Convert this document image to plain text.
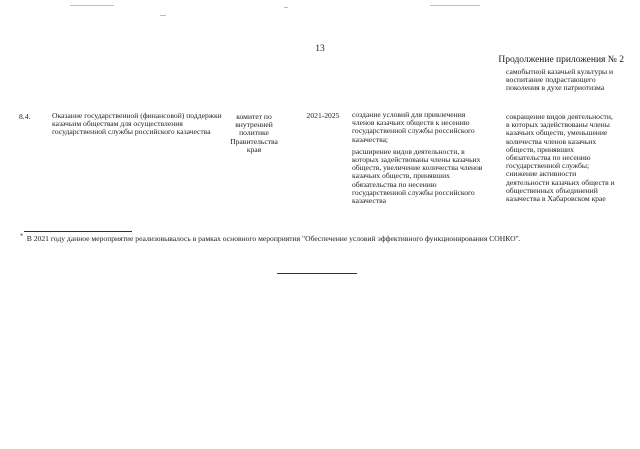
13
Продолжение приложения № 2
самобытной казачьей культуры и воспитание подрастающего поколения в духе патриотизма
8.4.	Оказание государственной (финансовой) поддержки казачьим обществам для осуществления государственной службы российского казачества
комитет по внутренней политике Правительства края
2021-2025	создание условий для привлечения членов казачьих обществ к несению государственной службы российского казачества;

расширение видов деятельности, в которых задействованы члены казачьих обществ, увеличение количества членов казачьих обществ, принявших обязательства по несению государственной службы российского казачества

сокращение видов деятельности, в которых задействованы члены казачьих обществ, уменьшение количества членов казачьих обществ, принявших обязательства по несению государственной службы;

снижение активности деятельности казачьих обществ и общественных объединений казачества в Хабаровском крае

* В 2021 году данное мероприятие реализовывалось в рамках основного мероприятия "Обеспечение условий эффективного функционирования СОНКО".
